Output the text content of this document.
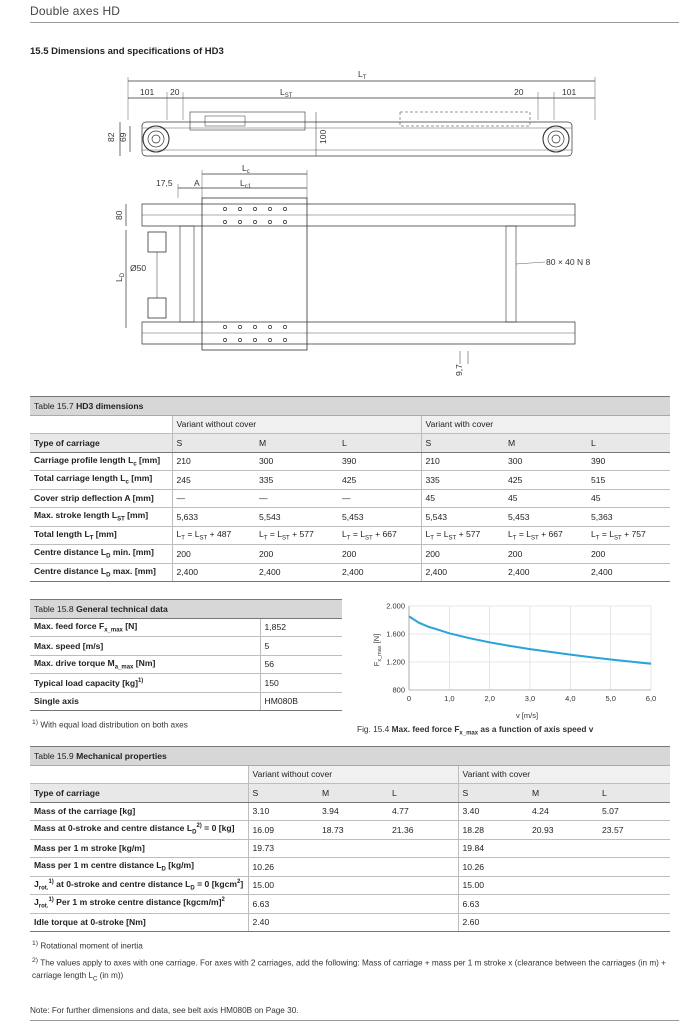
Double axes HD
15.5 Dimensions and specifications of HD3
$L_T$
101 20	$L_{ST}$	20	101
82 69	100
$L_c$
17,5	A	$L_{c1}$
80 × 40 N 8
80
$L_D$
Ø50
9,7
Table 15.7 HD3 dimensions						
	Variant without cover			Variant with cover		
Type of carriage	S	M	L	S	M	L
Carriage profile length $L_c$ [mm]	210	300	390	210	300	390
Total carriage length $L_c$ [mm]	245	335	425	335	425	515
Cover strip deflection A [mm]	—	—	—	45	45	45
Max. stroke length $L_{ST}$ [mm]	5,633	5,543	5,453	5,543	5,453	5,363
Total length $L_T$ [mm]	$L_T = L_{ST} + 487$	$L_T = L_{ST} + 577$	$L_T = L_{ST} + 667$	$L_T = L_{ST} + 577$	$L_T = L_{ST} + 667$	$L_T = L_{ST} + 757$
Centre distance $L_D$ min. [mm]	200	200	200	200	200	200
Centre distance $L_D$ max. [mm]	2,400	2,400	2,400	2,400	2,400	2,400
Table 15.8 General technical data	
Max. feed force $F_{x\_max}$ [N]	1,852
Max. speed [m/s]	5
Max. drive torque $M_{a\_max}$ [Nm]	56
Typical load capacity [kg]$^{1)}$	150
Single axis	HM080B
$^{1)}$ With equal load distribution on both axes
0	1,0	2,0	3,0	4,0	5,0	6,0
800
1.200
1.600
2.000
v [m/s]
$F_{x\_max}$ [N]
Fig. 15.4 Max. feed force $F_{x\_max}$ as a function of axis speed v
Table 15.9 Mechanical properties						
	Variant without cover			Variant with cover		
Type of carriage	S	M	L	S	M	L
Mass of the carriage [kg]	3.10	3.94	4.77	3.40	4.24	5.07
Mass at 0-stroke and centre distance $L_D^{2)} = 0$ [kg]	16.09	18.73	21.36	18.28	20.93	23.57
Mass per 1 m stroke [kg/m]	19.73			19.84		
Mass per 1 m centre distance $L_D$ [kg/m]	10.26			10.26		
$J_{rot.}^{1)}$ at 0-stroke and centre distance $L_D = 0$ [kgcm$^2$]	15.00			15.00		
$J_{rot.}^{1)}$ Per 1 m stroke centre distance [kgcm/m]$^2$	6.63			6.63		
Idle torque at 0-stroke [Nm]	2.40			2.60		
$^{1)}$ Rotational moment of inertia
$^{2)}$ The values apply to axes with one carriage. For axes with 2 carriages, add the following: Mass of carriage + mass per 1 m stroke x (clearance between the carriages (in m) +
carriage length $L_C$ (in m))
Note: For further dimensions and data, see belt axis HM080B on Page 30.
